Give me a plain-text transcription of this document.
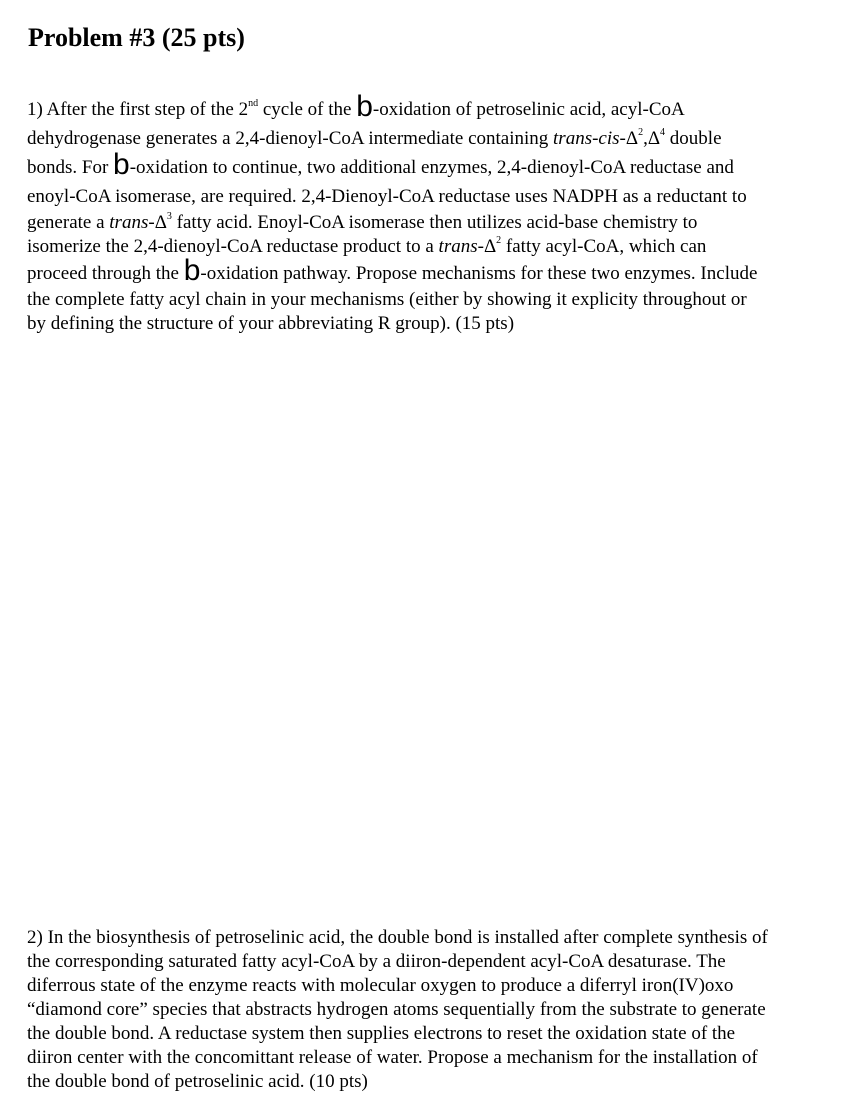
Problem #3 (25 pts)
1) After the first step of the 2nd cycle of the b-oxidation of petroselinic acid, acyl-CoA
dehydrogenase generates a 2,4-dienoyl-CoA intermediate containing trans-$cis-\Delta^2,\Delta^4$ double
bonds. For b-oxidation to continue, two additional enzymes, 2,4-dienoyl-CoA reductase and
enoyl-CoA isomerase, are required. 2,4-Dienoyl-CoA reductase uses NADPH as a reductant to
generate a trans-$\Delta^3$ fatty acid. Enoyl-CoA isomerase then utilizes acid-base chemistry to
isomerize the 2,4-dienoyl-CoA reductase product to a trans-$\Delta^2$ fatty acyl-CoA, which can
proceed through the b-oxidation pathway. Propose mechanisms for these two enzymes. Include
the complete fatty acyl chain in your mechanisms (either by showing it explicity throughout or
by defining the structure of your abbreviating R group). (15 pts)
2) In the biosynthesis of petroselinic acid, the double bond is installed after complete synthesis of
the corresponding saturated fatty acyl-CoA by a diiron-dependent acyl-CoA desaturase. The
diferrous state of the enzyme reacts with molecular oxygen to produce a diferryl iron(IV)oxo
“diamond core” species that abstracts hydrogen atoms sequentially from the substrate to generate
the double bond. A reductase system then supplies electrons to reset the oxidation state of the
diiron center with the concomittant release of water. Propose a mechanism for the installation of
the double bond of petroselinic acid. (10 pts)
